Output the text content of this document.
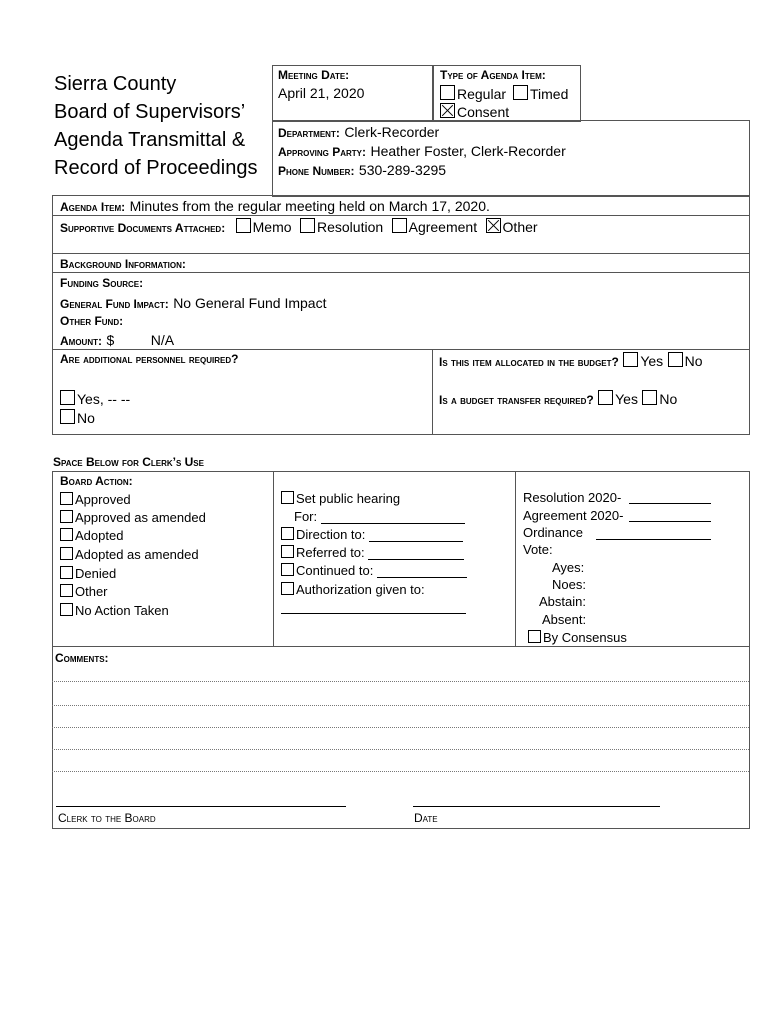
Sierra County
Board of Supervisors’
Agenda Transmittal &
Record of Proceedings
Meeting Date:
April 21, 2020
Type of Agenda Item:
Regular	Timed
Consent
Department: Clerk-Recorder
Approving Party: Heather Foster, Clerk-Recorder
Phone Number: 530-289-3295
Agenda Item: Minutes from the regular meeting held on March 17, 2020.
Supportive Documents Attached: Memo Resolution Agreement Other
Background Information:
Funding Source:
General Fund Impact: No General Fund Impact
Other Fund:
Amount: $	N/A
Are additional personnel required?
Yes, -- --
No
Is this item allocated in the budget? Yes No
Is a budget transfer required? Yes No
Space Below for Clerk’s Use
Board Action:
Approved
Approved as amended
Adopted
Adopted as amended
Denied
Other
No Action Taken
Set public hearing
For:
Direction to:
Referred to:
Continued to:
Authorization given to:
Resolution 2020-
Agreement 2020-
Ordinance
Vote:
Ayes:
Noes:
Abstain:
Absent:
By Consensus
Comments:
Clerk to the Board	Date
